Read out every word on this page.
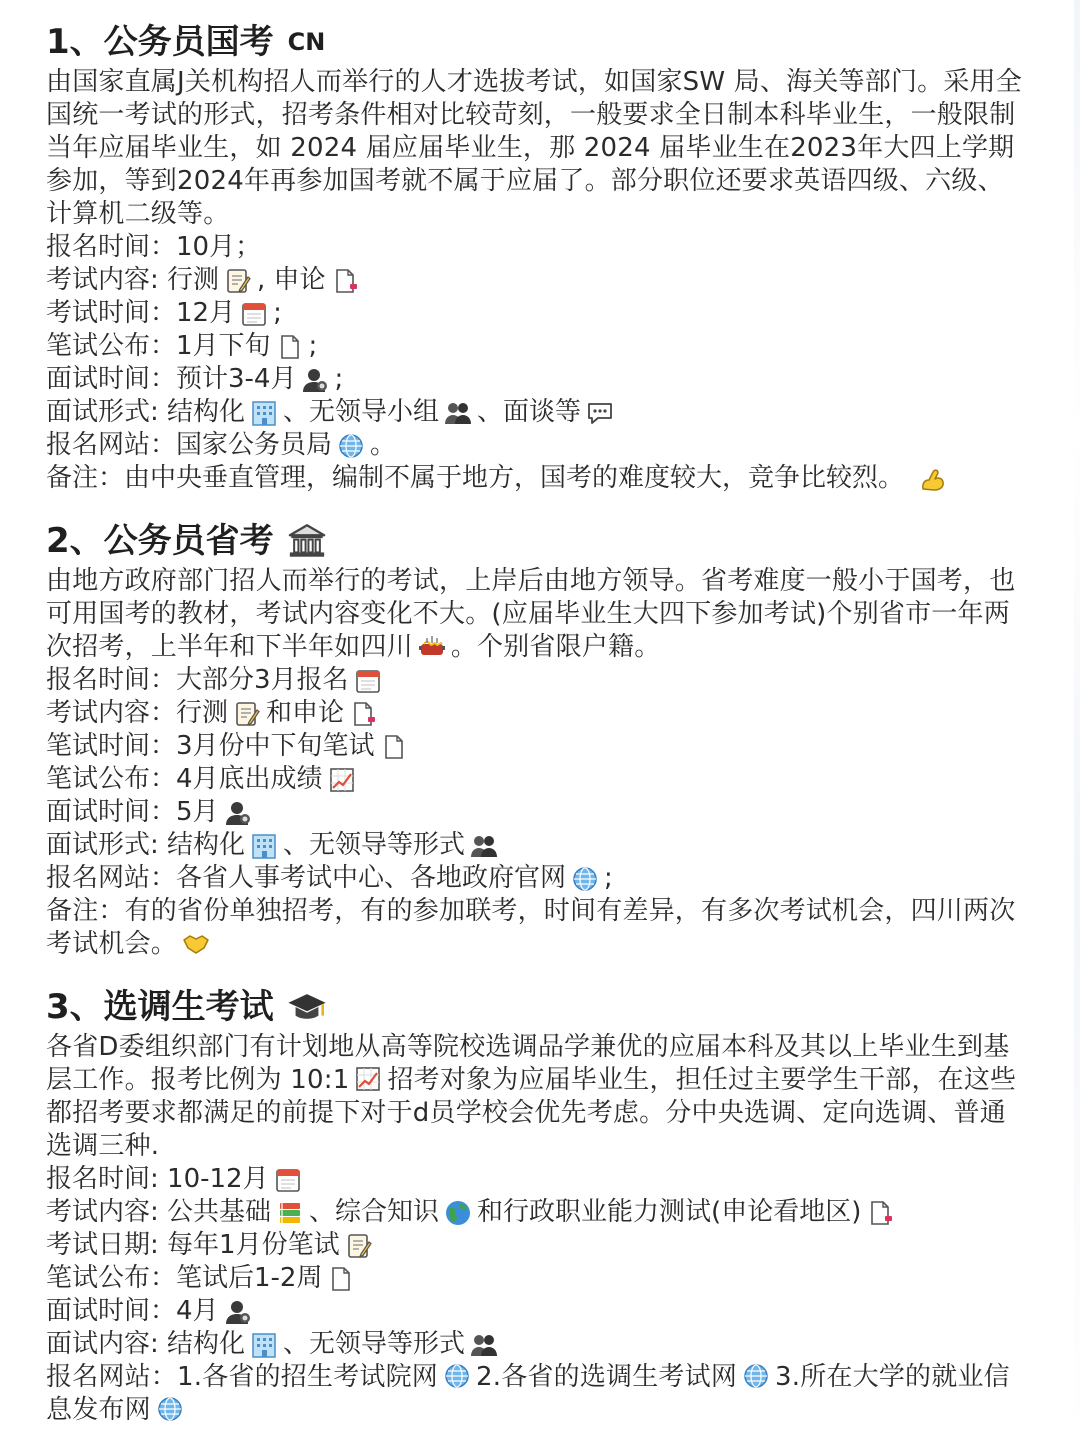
1、公务员国考 CN

由国家直属J关机构招人而举行的人才选拔考试，如国家SW 局、海关等部门。采用全国统一考试的形式，招考条件相对比较苛刻，一般要求全日制本科毕业生，一般限制当年应届毕业生，如 2024 届应届毕业生，那 2024 届毕业生在2023年大四上学期参加，等到2024年再参加国考就不属于应届了。部分职位还要求英语四级、六级、计算机二级等。

报名时间：10月；
考试内容: 行测 , 申论
考试时间：12月 ;
笔试公布：1月下旬 ;
面试时间：预计3-4月 ;
面试形式: 结构化 、无领导小组 、面谈等
报名网站：国家公务员局 。
备注：由中央垂直管理，编制不属于地方，国考的难度较大，竞争比较烈。
2、公务员省考

由地方政府部门招人而举行的考试，上岸后由地方领导。省考难度一般小于国考，也可用国考的教材，考试内容变化不大。(应届毕业生大四下参加考试)个别省市一年两次招考，上半年和下半年如四川 。个别省限户籍。

报名时间：大部分3月报名
考试内容：行测 和申论
笔试时间：3月份中下旬笔试
笔试公布：4月底出成绩
面试时间：5月
面试形式: 结构化 、无领导等形式
报名网站：各省人事考试中心、各地政府官网 ;

备注：有的省份单独招考，有的参加联考，时间有差异，有多次考试机会，四川两次考试机会。

3、选调生考试

各省D委组织部门有计划地从高等院校选调品学兼优的应届本科及其以上毕业生到基层工作。报考比例为 10:1 招考对象为应届毕业生，担任过主要学生干部，在这些都招考要求都满足的前提下对于d员学校会优先考虑。分中央选调、定向选调、普通选调三种.

报名时间: 10-12月
考试内容: 公共基础 、综合知识 和行政职业能力测试(申论看地区)
考试日期: 每年1月份笔试
笔试公布：笔试后1-2周
面试时间：4月
面试内容: 结构化 、无领导等形式

报名网站：1.各省的招生考试院网 2.各省的选调生考试网 3.所在大学的就业信息发布网
